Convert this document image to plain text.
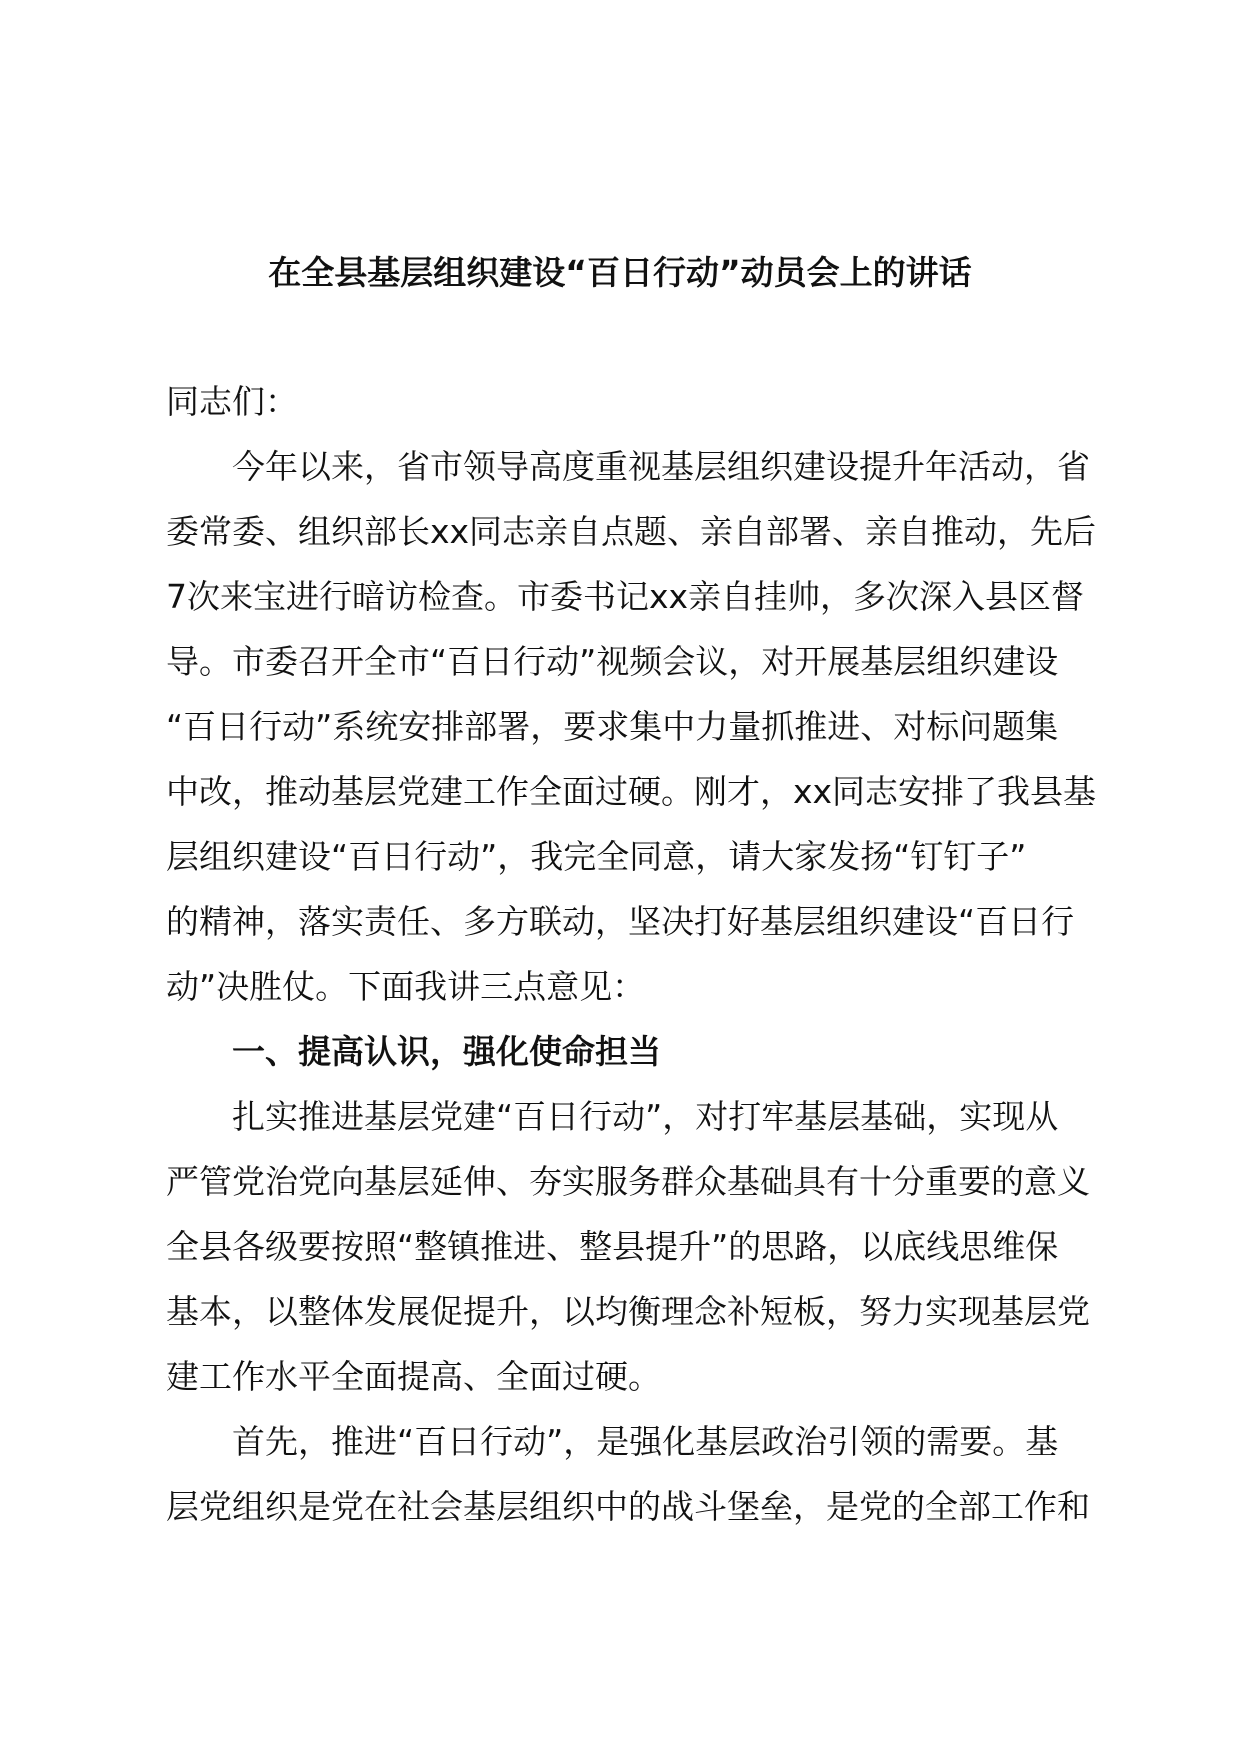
在全县基层组织建设“百日行动”动员会上的讲话
同志们：
今年以来，省市领导高度重视基层组织建设提升年活动，省
委常委、组织部长xx同志亲自点题、亲自部署、亲自推动，先后
7次来宝进行暗访检查。市委书记xx亲自挂帅，多次深入县区督
导。市委召开全市“百日行动”视频会议，对开展基层组织建设
“百日行动”系统安排部署，要求集中力量抓推进、对标问题集
中改，推动基层党建工作全面过硬。刚才，xx同志安排了我县基
层组织建设“百日行动”，我完全同意，请大家发扬“钉钉子”
的精神，落实责任、多方联动，坚决打好基层组织建设“百日行
动”决胜仗。下面我讲三点意见：
一、提高认识，强化使命担当
扎实推进基层党建“百日行动”，对打牢基层基础，实现从
严管党治党向基层延伸、夯实服务群众基础具有十分重要的意义
全县各级要按照“整镇推进、整县提升”的思路，以底线思维保
基本，以整体发展促提升，以均衡理念补短板，努力实现基层党
建工作水平全面提高、全面过硬。
首先，推进“百日行动”，是强化基层政治引领的需要。基
层党组织是党在社会基层组织中的战斗堡垒，是党的全部工作和
